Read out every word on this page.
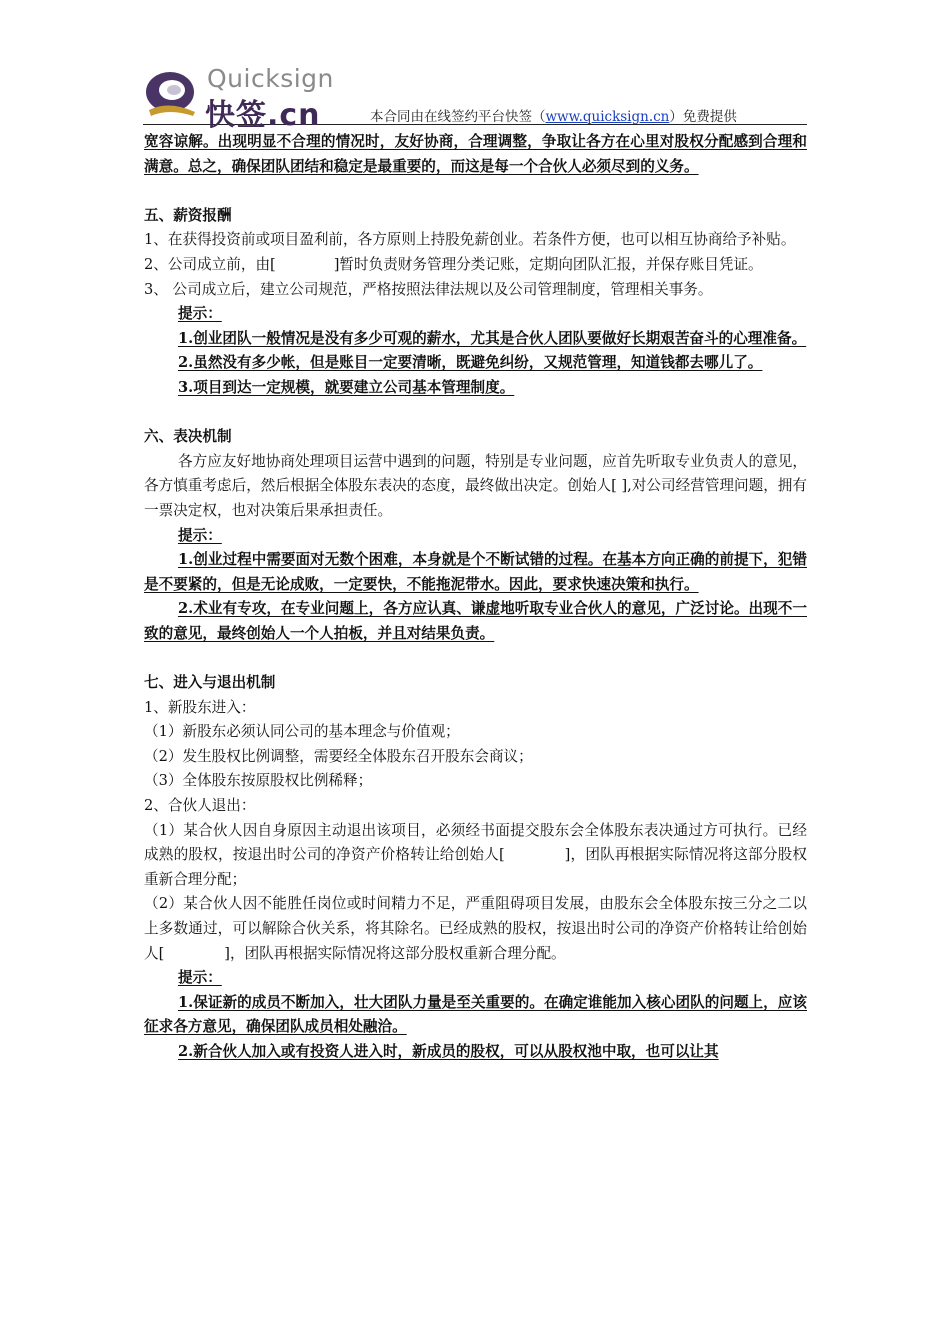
Quicksign
快签.cn	本合同由在线签约平台快签（www.quicksign.cn）免费提供

宽容谅解。出现明显不合理的情况时，友好协商，合理调整，争取让各方在心里对股权分配感到合理和满意。总之，确保团队团结和稳定是最重要的，而这是每一个合伙人必须尽到的义务。

五、薪资报酬

1、在获得投资前或项目盈利前，各方原则上持股免薪创业。若条件方便，也可以相互协商给予补贴。

2、公司成立前，由[	]暂时负责财务管理分类记账，定期向团队汇报，并保存账目凭证。

3、 公司成立后，建立公司规范，严格按照法律法规以及公司管理制度，管理相关事务。

提示：

1.创业团队一般情况是没有多少可观的薪水，尤其是合伙人团队要做好长期艰苦奋斗的心理准备。

2.虽然没有多少帐，但是账目一定要清晰，既避免纠纷，又规范管理，知道钱都去哪儿了。

3.项目到达一定规模，就要建立公司基本管理制度。

六、表决机制

各方应友好地协商处理项目运营中遇到的问题，特别是专业问题，应首先听取专业负责人的意见，各方慎重考虑后，然后根据全体股东表决的态度，最终做出决定。创始人[ ],对公司经营管理问题，拥有一票决定权，也对决策后果承担责任。

提示：

1.创业过程中需要面对无数个困难，本身就是个不断试错的过程。在基本方向正确的前提下，犯错是不要紧的，但是无论成败，一定要快，不能拖泥带水。因此，要求快速决策和执行。

2.术业有专攻，在专业问题上，各方应认真、谦虚地听取专业合伙人的意见，广泛讨论。出现不一致的意见，最终创始人一个人拍板，并且对结果负责。

七、进入与退出机制

1、新股东进入：

（1）新股东必须认同公司的基本理念与价值观；

（2）发生股权比例调整，需要经全体股东召开股东会商议；

（3）全体股东按原股权比例稀释；

2、合伙人退出：

（1）某合伙人因自身原因主动退出该项目，必须经书面提交股东会全体股东表决通过方可执行。已经成熟的股权，按退出时公司的净资产价格转让给创始人[	]，团队再根据实际情况将这部分股权重新合理分配；

（2）某合伙人因不能胜任岗位或时间精力不足，严重阻碍项目发展，由股东会全体股东按三分之二以上多数通过，可以解除合伙关系，将其除名。已经成熟的股权，按退出时公司的净资产价格转让给创始人[	]，团队再根据实际情况将这部分股权重新合理分配。

提示：

1.保证新的成员不断加入，壮大团队力量是至关重要的。在确定谁能加入核心团队的问题上，应该征求各方意见，确保团队成员相处融洽。

2.新合伙人加入或有投资人进入时，新成员的股权，可以从股权池中取，也可以让其
